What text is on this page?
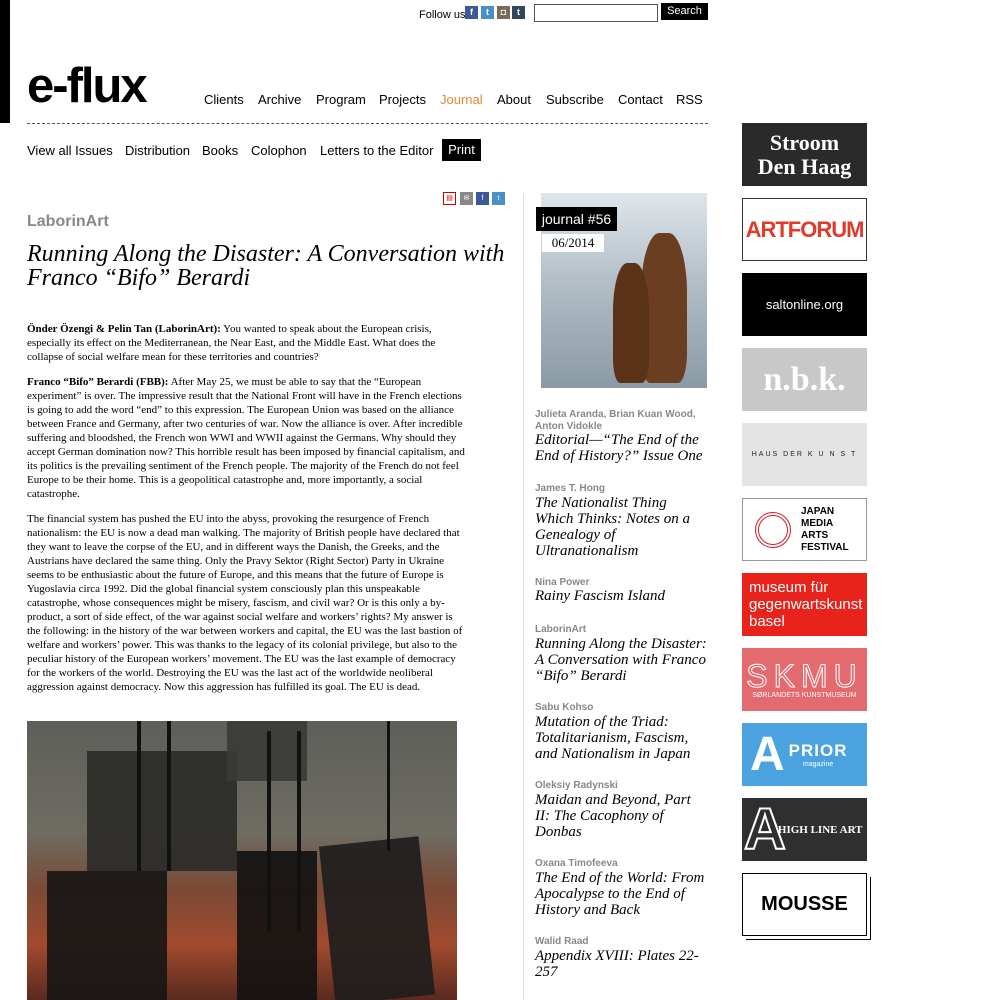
Follow us f	t	◘	t	Search
e-flux	Clients Archive Program Projects Journal About Subscribe Contact RSS
View all Issues Distribution Books Colophon Letters to the Editor	Print
▤	✉	f	t
LaborinArt
Running Along the Disaster: A Conversation with Franco “Bifo” Berardi

Önder Özengi & Pelin Tan (LaborinArt): You wanted to speak about the European crisis, especially its effect on the Mediterranean, the Near East, and the Middle East. What does the collapse of social welfare mean for these territories and countries?

Franco “Bifo” Berardi (FBB): After May 25, we must be able to say that the “European experiment” is over. The impressive result that the National Front will have in the French elections is going to add the word “end” to this expression. The European Union was based on the alliance between France and Germany, after two centuries of war. Now the alliance is over. After incredible suffering and bloodshed, the French won WWI and WWII against the Germans. Why should they accept German domination now? This horrible result has been imposed by financial capitalism, and its politics is the prevailing sentiment of the French people. The majority of the French do not feel Europe to be their home. This is a geopolitical catastrophe and, more importantly, a social catastrophe.

The financial system has pushed the EU into the abyss, provoking the resurgence of French nationalism: the EU is now a dead man walking. The majority of British people have declared that they want to leave the corpse of the EU, and in different ways the Danish, the Greeks, and the Austrians have declared the same thing. Only the Pravy Sektor (Right Sector) Party in Ukraine seems to be enthusiastic about the future of Europe, and this means that the future of Europe is Yugoslavia circa 1992. Did the global financial system consciously plan this unspeakable catastrophe, whose consequences might be misery, fascism, and civil war? Or is this only a by-product, a sort of side effect, of the war against social welfare and workers’ rights? My answer is the following: in the history of the war between workers and capital, the EU was the last bastion of welfare and workers’ power. This was thanks to the legacy of its colonial privilege, but also to the peculiar history of the European workers’ movement. The EU was the last example of democracy for the workers of the world. Destroying the EU was the last act of the worldwide neoliberal aggression against democracy. Now this aggression has fulfilled its goal. The EU is dead.

journal #56
06/2014
Julieta Aranda, Brian Kuan Wood, Anton Vidokle
Editorial—“The End of the End of History?” Issue One
James T. Hong
The Nationalist Thing Which Thinks: Notes on a Genealogy of Ultranationalism
Nina Power
Rainy Fascism Island
LaborinArt
Running Along the Disaster: A Conversation with Franco “Bifo” Berardi
Sabu Kohso
Mutation of the Triad: Totalitarianism, Fascism, and Nationalism in Japan
Oleksiy Radynski
Maidan and Beyond, Part II: The Cacophony of Donbas
Oxana Timofeeva
The End of the World: From Apocalypse to the End of History and Back
Walid Raad
Appendix XVIII: Plates 22-257
Stroom
Den Haag
ARTFORUM
saltonline.org
n.b.k.
HAUS DER K U N S T
JAPAN MEDIA ARTS FESTIVAL
museum für gegenwartskunst basel
SKMU
SØRLANDETS KUNSTMUSEUM
A PRIOR
magazine
A
HIGH LINE ART
MOUSSE
